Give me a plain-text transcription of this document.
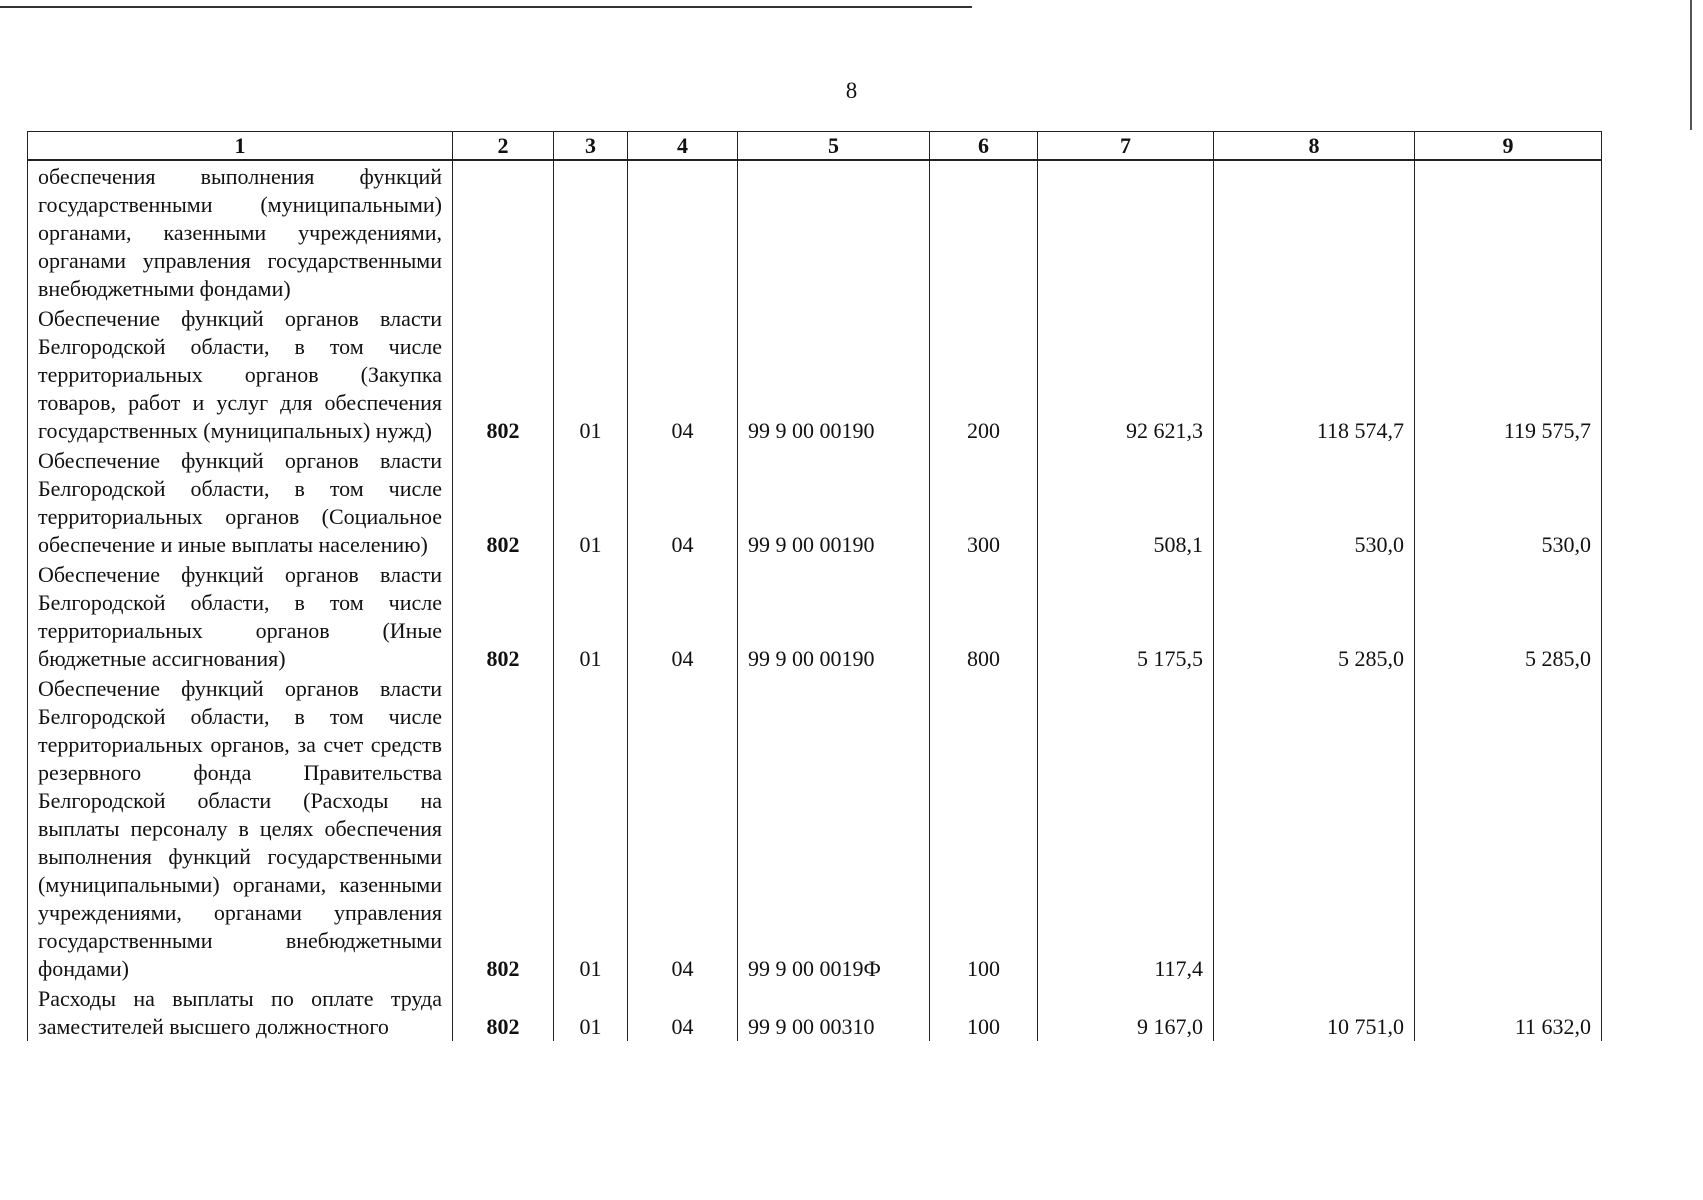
8
1	2	3	4	5	6	7	8	9
обеспечения выполнения функций государственными (муниципальными) органами, казенными учреждениями, органами управления государственными внебюджетными фондами)								
Обеспечение функций органов власти Белгородской области, в том числе территориальных органов (Закупка товаров, работ и услуг для обеспечения государственных (муниципальных) нужд)	802	01	04	99 9 00 00190	200	92 621,3	118 574,7	119 575,7
Обеспечение функций органов власти Белгородской области, в том числе территориальных органов (Социальное обеспечение и иные выплаты населению)	802	01	04	99 9 00 00190	300	508,1	530,0	530,0
Обеспечение функций органов власти Белгородской области, в том числе территориальных органов (Иные бюджетные ассигнования)	802	01	04	99 9 00 00190	800	5 175,5	5 285,0	5 285,0
Обеспечение функций органов власти Белгородской области, в том числе территориальных органов, за счет средств резервного фонда Правительства Белгородской области (Расходы на выплаты персоналу в целях обеспечения выполнения функций государственными (муниципальными) органами, казенными учреждениями, органами управления государственными внебюджетными фондами)	802	01	04	99 9 00 0019Ф	100	117,4		
Расходы на выплаты по оплате труда заместителей высшего должностного	802	01	04	99 9 00 00310	100	9 167,0	10 751,0	11 632,0
